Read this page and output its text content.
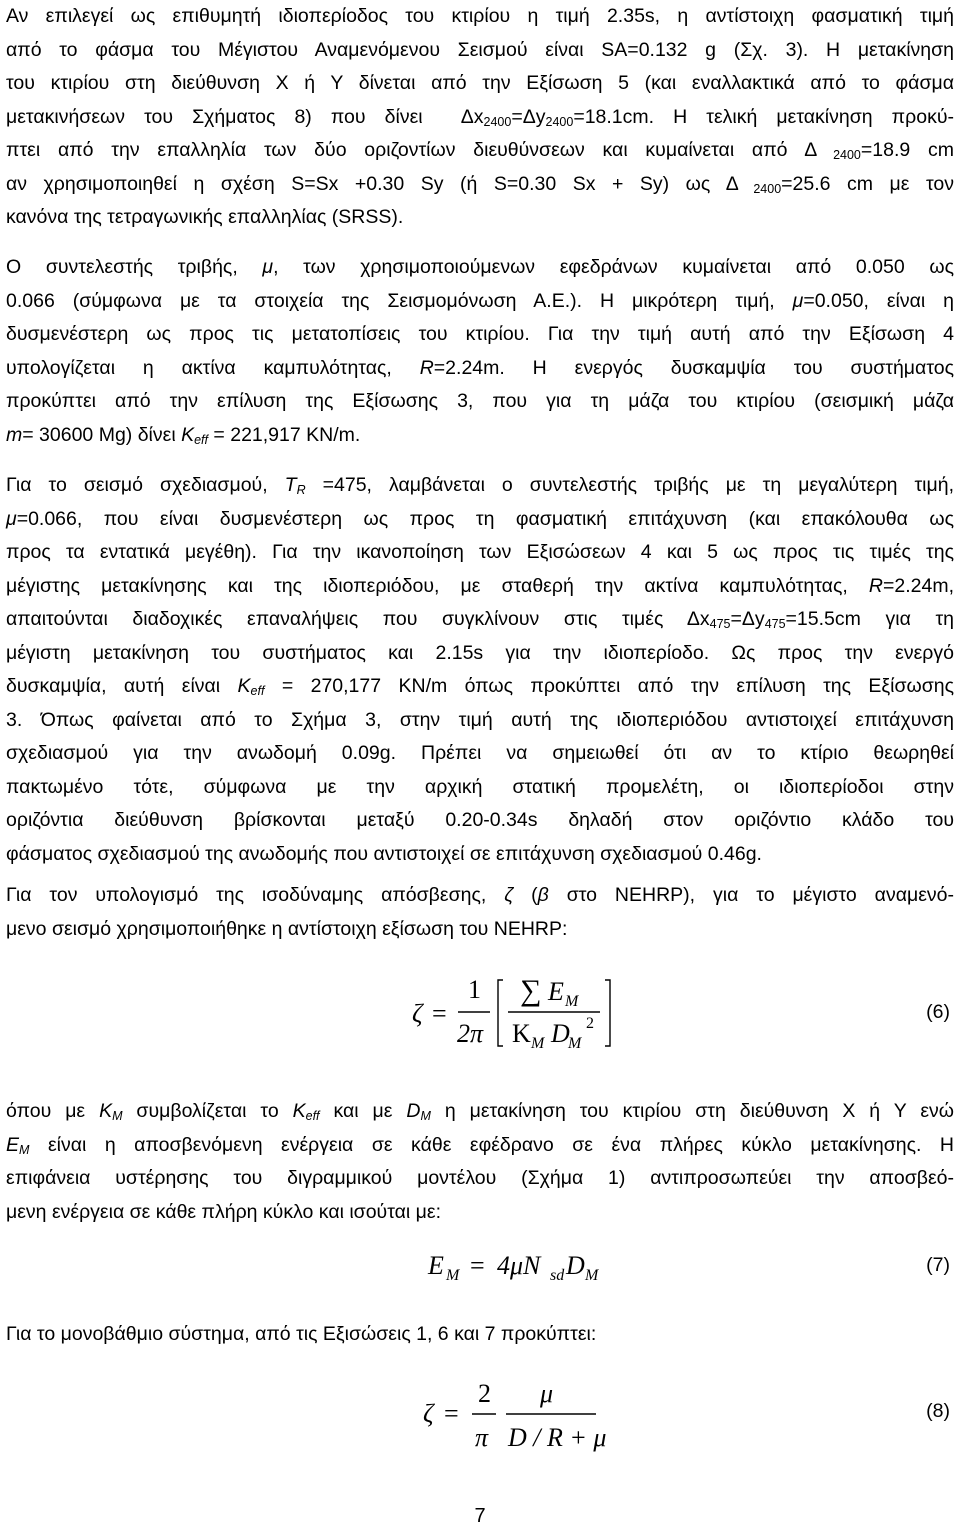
Αν επιλεγεί ως επιθυμητή ιδιοπερίοδος του κτιρίου η τιμή 2.35s, η αντίστοιχη φασματική τιμή
από το φάσμα του Μέγιστου Αναμενόμενου Σεισμού είναι SA=0.132 g (Σχ. 3). Η μετακίνηση
του κτιρίου στη διεύθυνση Χ ή Υ δίνεται από την Εξίσωση 5 (και εναλλακτικά από το φάσμα
μετακινήσεων του Σχήματος 8) που δίνει  $\Delta x_{2400}=\Delta y_{2400}=18.1cm$. Η τελική μετακίνηση προκύ-
πτει από την επαλληλία των δύο οριζοντίων διευθύνσεων και κυμαίνεται από Δ $_{2400}$=18.9 cm
αν χρησιμοποιηθεί η σχέση S=Sx +0.30 Sy (ή S=0.30 Sx + Sy) ως Δ $_{2400}$=25.6 cm με τον
κανόνα της τετραγωνικής επαλληλίας (SRSS).
Ο συντελεστής τριβής, μ, των χρησιμοποιούμενων εφεδράνων κυμαίνεται από 0.050 ως
0.066 (σύμφωνα με τα στοιχεία της Σεισμομόνωση Α.Ε.). Η μικρότερη τιμή, μ=0.050, είναι η
δυσμενέστερη ως προς τις μετατοπίσεις του κτιρίου. Για την τιμή αυτή από την Εξίσωση 4
υπολογίζεται η ακτίνα καμπυλότητας, R=2.24m. Η ενεργός δυσκαμψία του συστήματος
προκύπτει από την επίλυση της Εξίσωσης 3, που για τη μάζα του κτιρίου (σεισμική μάζα
m= 30600 Mg) δίνει $K_{eff} = 221,917$ KN/m.
Για το σεισμό σχεδιασμού, $T_R =475$, λαμβάνεται ο συντελεστής τριβής με τη μεγαλύτερη τιμή,
μ=0.066, που είναι δυσμενέστερη ως προς τη φασματική επιτάχυνση (και επακόλουθα ως
προς τα εντατικά μεγέθη). Για την ικανοποίηση των Εξισώσεων 4 και 5 ως προς τις τιμές της
μέγιστης μετακίνησης και της ιδιοπεριόδου, με σταθερή την ακτίνα καμπυλότητας, R=2.24m,
απαιτούνται διαδοχικές επαναλήψεις που συγκλίνουν στις τιμές $\Delta x_{475}=\Delta y_{475}=15.5cm$ για τη
μέγιστη μετακίνηση του συστήματος και 2.15s για την ιδιοπερίοδο. Ως προς την ενεργό
δυσκαμψία, αυτή είναι $K_{eff} = 270,177$ KN/m όπως προκύπτει από την επίλυση της Εξίσωσης
3. Όπως φαίνεται από το Σχήμα 3, στην τιμή αυτή της ιδιοπεριόδου αντιστοιχεί επιτάχυνση
σχεδιασμού για την ανωδομή 0.09g. Πρέπει να σημειωθεί ότι αν το κτίριο θεωρηθεί
πακτωμένο τότε, σύμφωνα με την αρχική στατική προμελέτη, οι ιδιοπερίοδοι στην
οριζόντια διεύθυνση βρίσκονται μεταξύ 0.20-0.34s δηλαδή στον οριζόντιο κλάδο του
φάσματος σχεδιασμού της ανωδομής που αντιστοιχεί σε επιτάχυνση σχεδιασμού 0.46g.
Για τον υπολογισμό της ισοδύναμης απόσβεσης, ζ (β στο NEHRP), για το μέγιστο αναμενό-
μενο σεισμό χρησιμοποιήθηκε η αντίστοιχη εξίσωση του NEHRP:
ζ =
1
2π
∑ E M
K M D
M
2
(6)
όπου με $K_M$ συμβολίζεται το $K_{eff}$ και με $D_M$ η μετακίνηση του κτιρίου στη διεύθυνση Χ ή Υ ενώ
$E_M$ είναι η αποσβενόμενη ενέργεια σε κάθε εφέδρανο σε ένα πλήρες κύκλο μετακίνησης. Η
επιφάνεια υστέρησης του διγραμμικού μοντέλου (Σχήμα 1) αντιπροσωπεύει την αποσβεό-
μενη ενέργεια σε κάθε πλήρη κύκλο και ισούται με:
E M = 4μN sd D M	(7)
Για το μονοβάθμιο σύστημα, από τις Εξισώσεις 1, 6 και 7 προκύπτει:
ζ =
2
π
μ
D / R + μ
(8)
7
